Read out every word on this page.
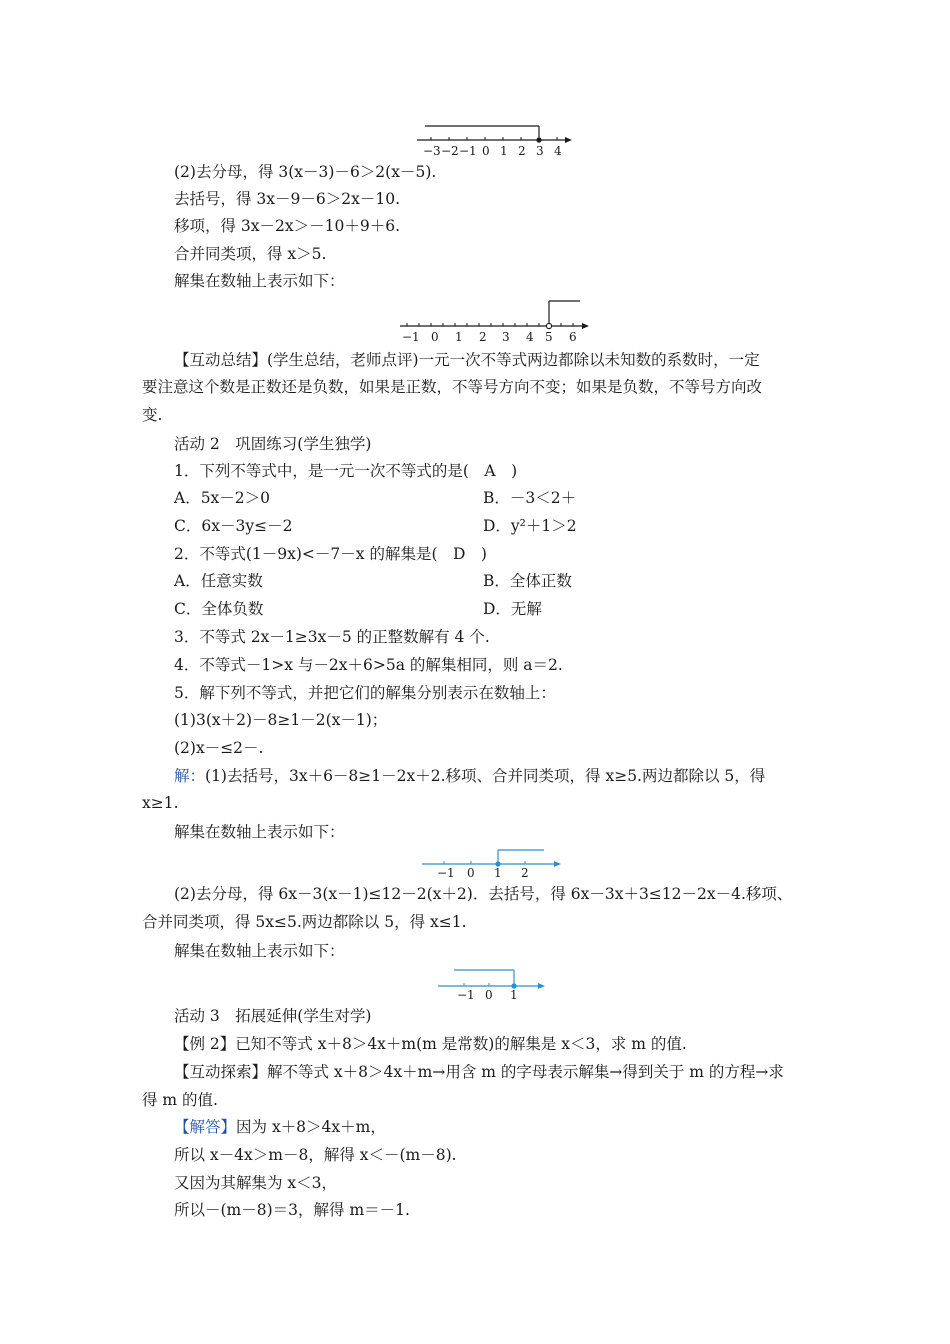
−3 −2 −1 0 1 2 3 4
(2)去分母，得 3(x－3)－6＞2(x－5).
去括号，得 3x－9－6＞2x－10.
移项，得 3x－2x＞－10＋9＋6.
合并同类项，得 x＞5.
解集在数轴上表示如下：
−1 0 1 2 3 4 5 6
【互动总结】(学生总结，老师点评)一元一次不等式两边都除以未知数的系数时，一定
要注意这个数是正数还是负数，如果是正数，不等号方向不变；如果是负数，不等号方向改
变.
活动 2　巩固练习(学生独学)
1．下列不等式中，是一元一次不等式的是(　A　)
A．5x－2＞0	B．－3＜2＋
C．6x－3y≤－2	D．y²＋1＞2
2．不等式(1－9x)<－7－x 的解集是(　D　)
A．任意实数	B．全体正数
C．全体负数	D．无解
3．不等式 2x－1≥3x－5 的正整数解有 4 个.
4．不等式－1>x 与－2x＋6>5a 的解集相同，则 a＝2.
5．解下列不等式，并把它们的解集分别表示在数轴上：
(1)3(x＋2)－8≥1－2(x－1)；
(2)x－≤2－.
解：(1)去括号，3x＋6－8≥1－2x＋2.移项、合并同类项，得 x≥5.两边都除以 5，得
x≥1.
解集在数轴上表示如下：
−1 0 1 2
(2)去分母，得 6x－3(x－1)≤12－2(x＋2)．去括号，得 6x－3x＋3≤12－2x－4.移项、
合并同类项，得 5x≤5.两边都除以 5，得 x≤1.
解集在数轴上表示如下：
−1 0 1
活动 3　拓展延伸(学生对学)
【例 2】已知不等式 x＋8＞4x＋m(m 是常数)的解集是 x＜3，求 m 的值.
【互动探索】解不等式 x＋8＞4x＋m→用含 m 的字母表示解集→得到关于 m 的方程→求
得 m 的值.
【解答】因为 x＋8＞4x＋m，
所以 x－4x＞m－8，解得 x＜－(m－8).
又因为其解集为 x＜3，
所以－(m－8)＝3，解得 m＝－1.
